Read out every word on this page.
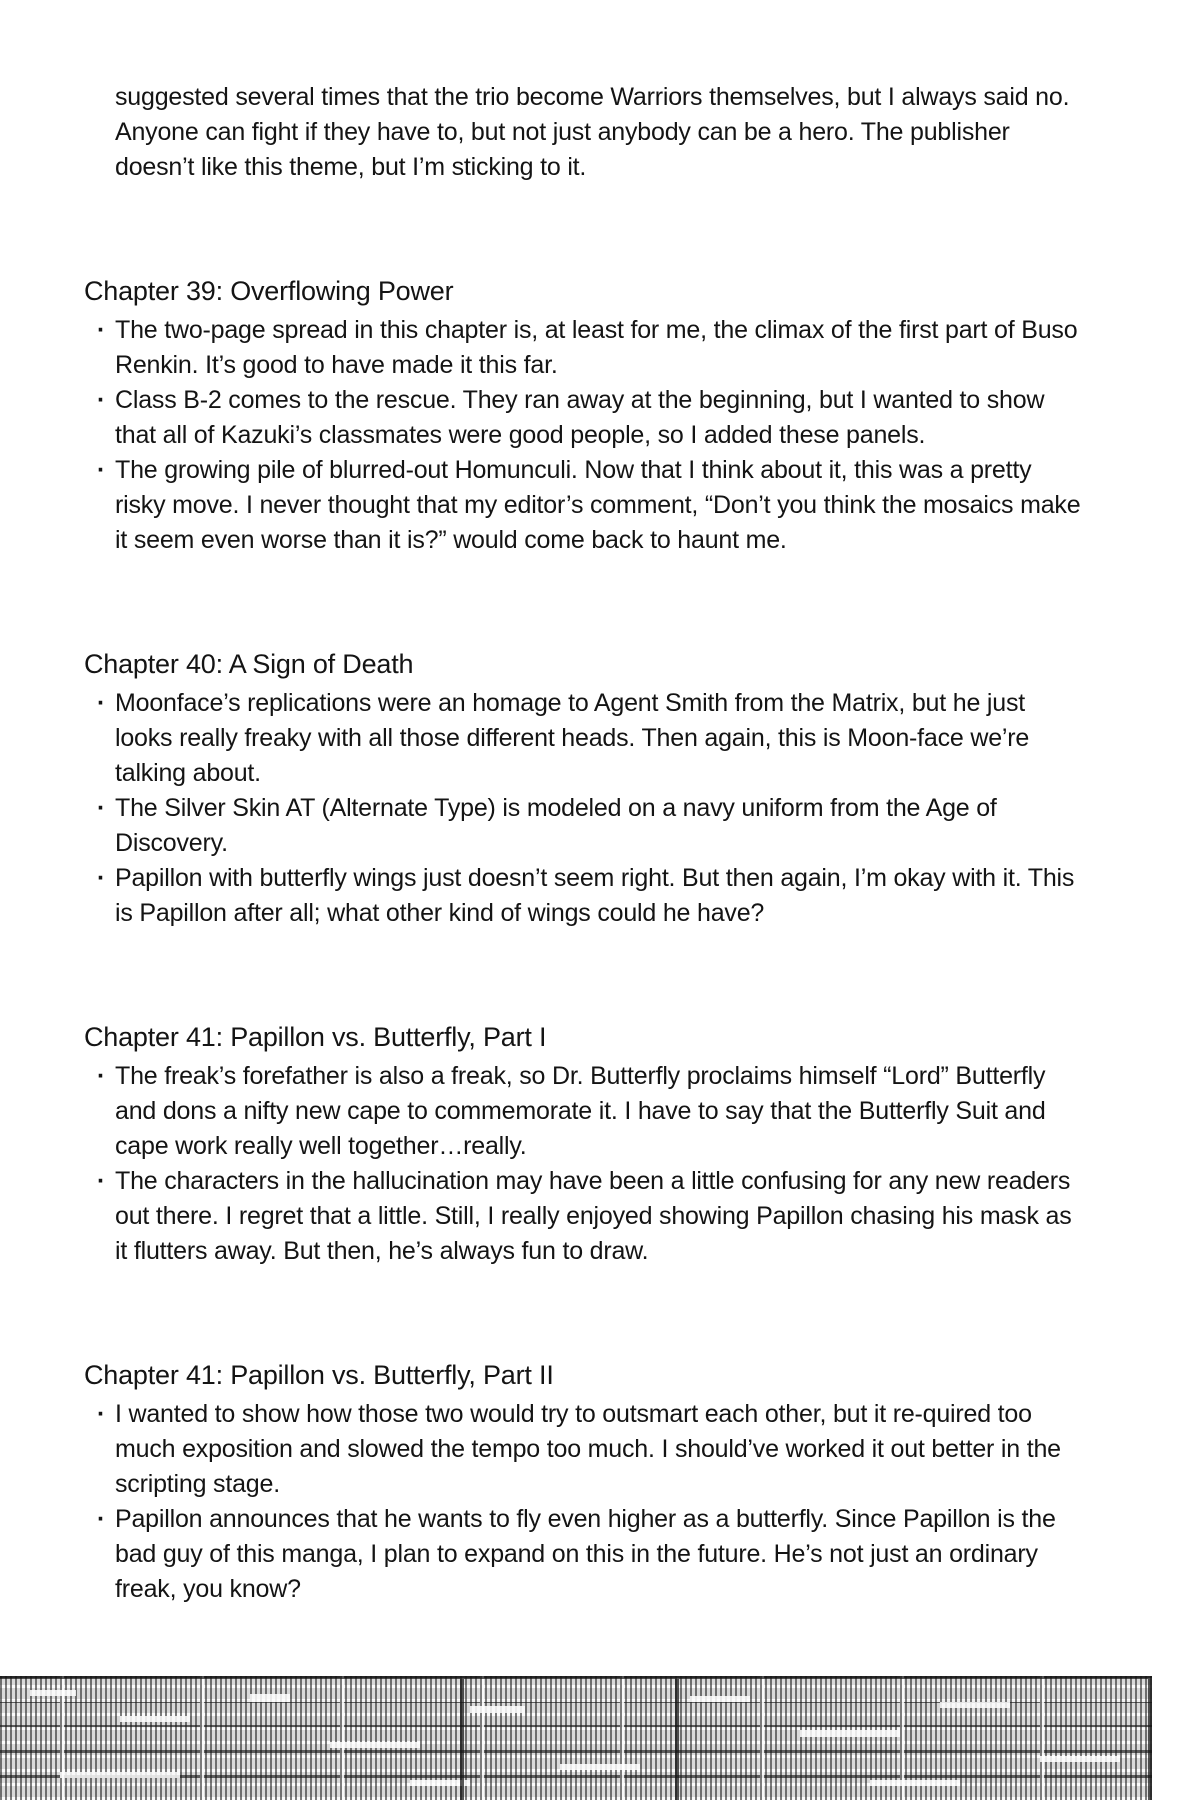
suggested several times that the trio become Warriors themselves, but I always said no. Anyone can fight if they have to, but not just anybody can be a hero. The publisher doesn’t like this theme, but I’m sticking to it.

Chapter 39: Overflowing Power
· The two-page spread in this chapter is, at least for me, the climax of the first part of Buso Renkin. It’s good to have made it this far.
· Class B-2 comes to the rescue. They ran away at the beginning, but I wanted to show that all of Kazuki’s classmates were good people, so I added these panels.
· The growing pile of blurred-out Homunculi. Now that I think about it, this was a pretty risky move. I never thought that my editor’s comment, “Don’t you think the mosaics make it seem even worse than it is?” would come back to haunt me.
Chapter 40: A Sign of Death
· Moonface’s replications were an homage to Agent Smith from the Matrix, but he just looks really freaky with all those different heads. Then again, this is Moon-face we’re talking about.
· The Silver Skin AT (Alternate Type) is modeled on a navy uniform from the Age of Discovery.
· Papillon with butterfly wings just doesn’t seem right. But then again, I’m okay with it. This is Papillon after all; what other kind of wings could he have?
Chapter 41: Papillon vs. Butterfly, Part I
· The freak’s forefather is also a freak, so Dr. Butterfly proclaims himself “Lord” Butterfly and dons a nifty new cape to commemorate it. I have to say that the Butterfly Suit and cape work really well together…really.
· The characters in the hallucination may have been a little confusing for any new readers out there. I regret that a little. Still, I really enjoyed showing Papillon chasing his mask as it flutters away. But then, he’s always fun to draw.
Chapter 41: Papillon vs. Butterfly, Part II
· I wanted to show how those two would try to outsmart each other, but it re-quired too much exposition and slowed the tempo too much. I should’ve worked it out better in the scripting stage.
· Papillon announces that he wants to fly even higher as a butterfly. Since Papillon is the bad guy of this manga, I plan to expand on this in the future. He’s not just an ordinary freak, you know?
